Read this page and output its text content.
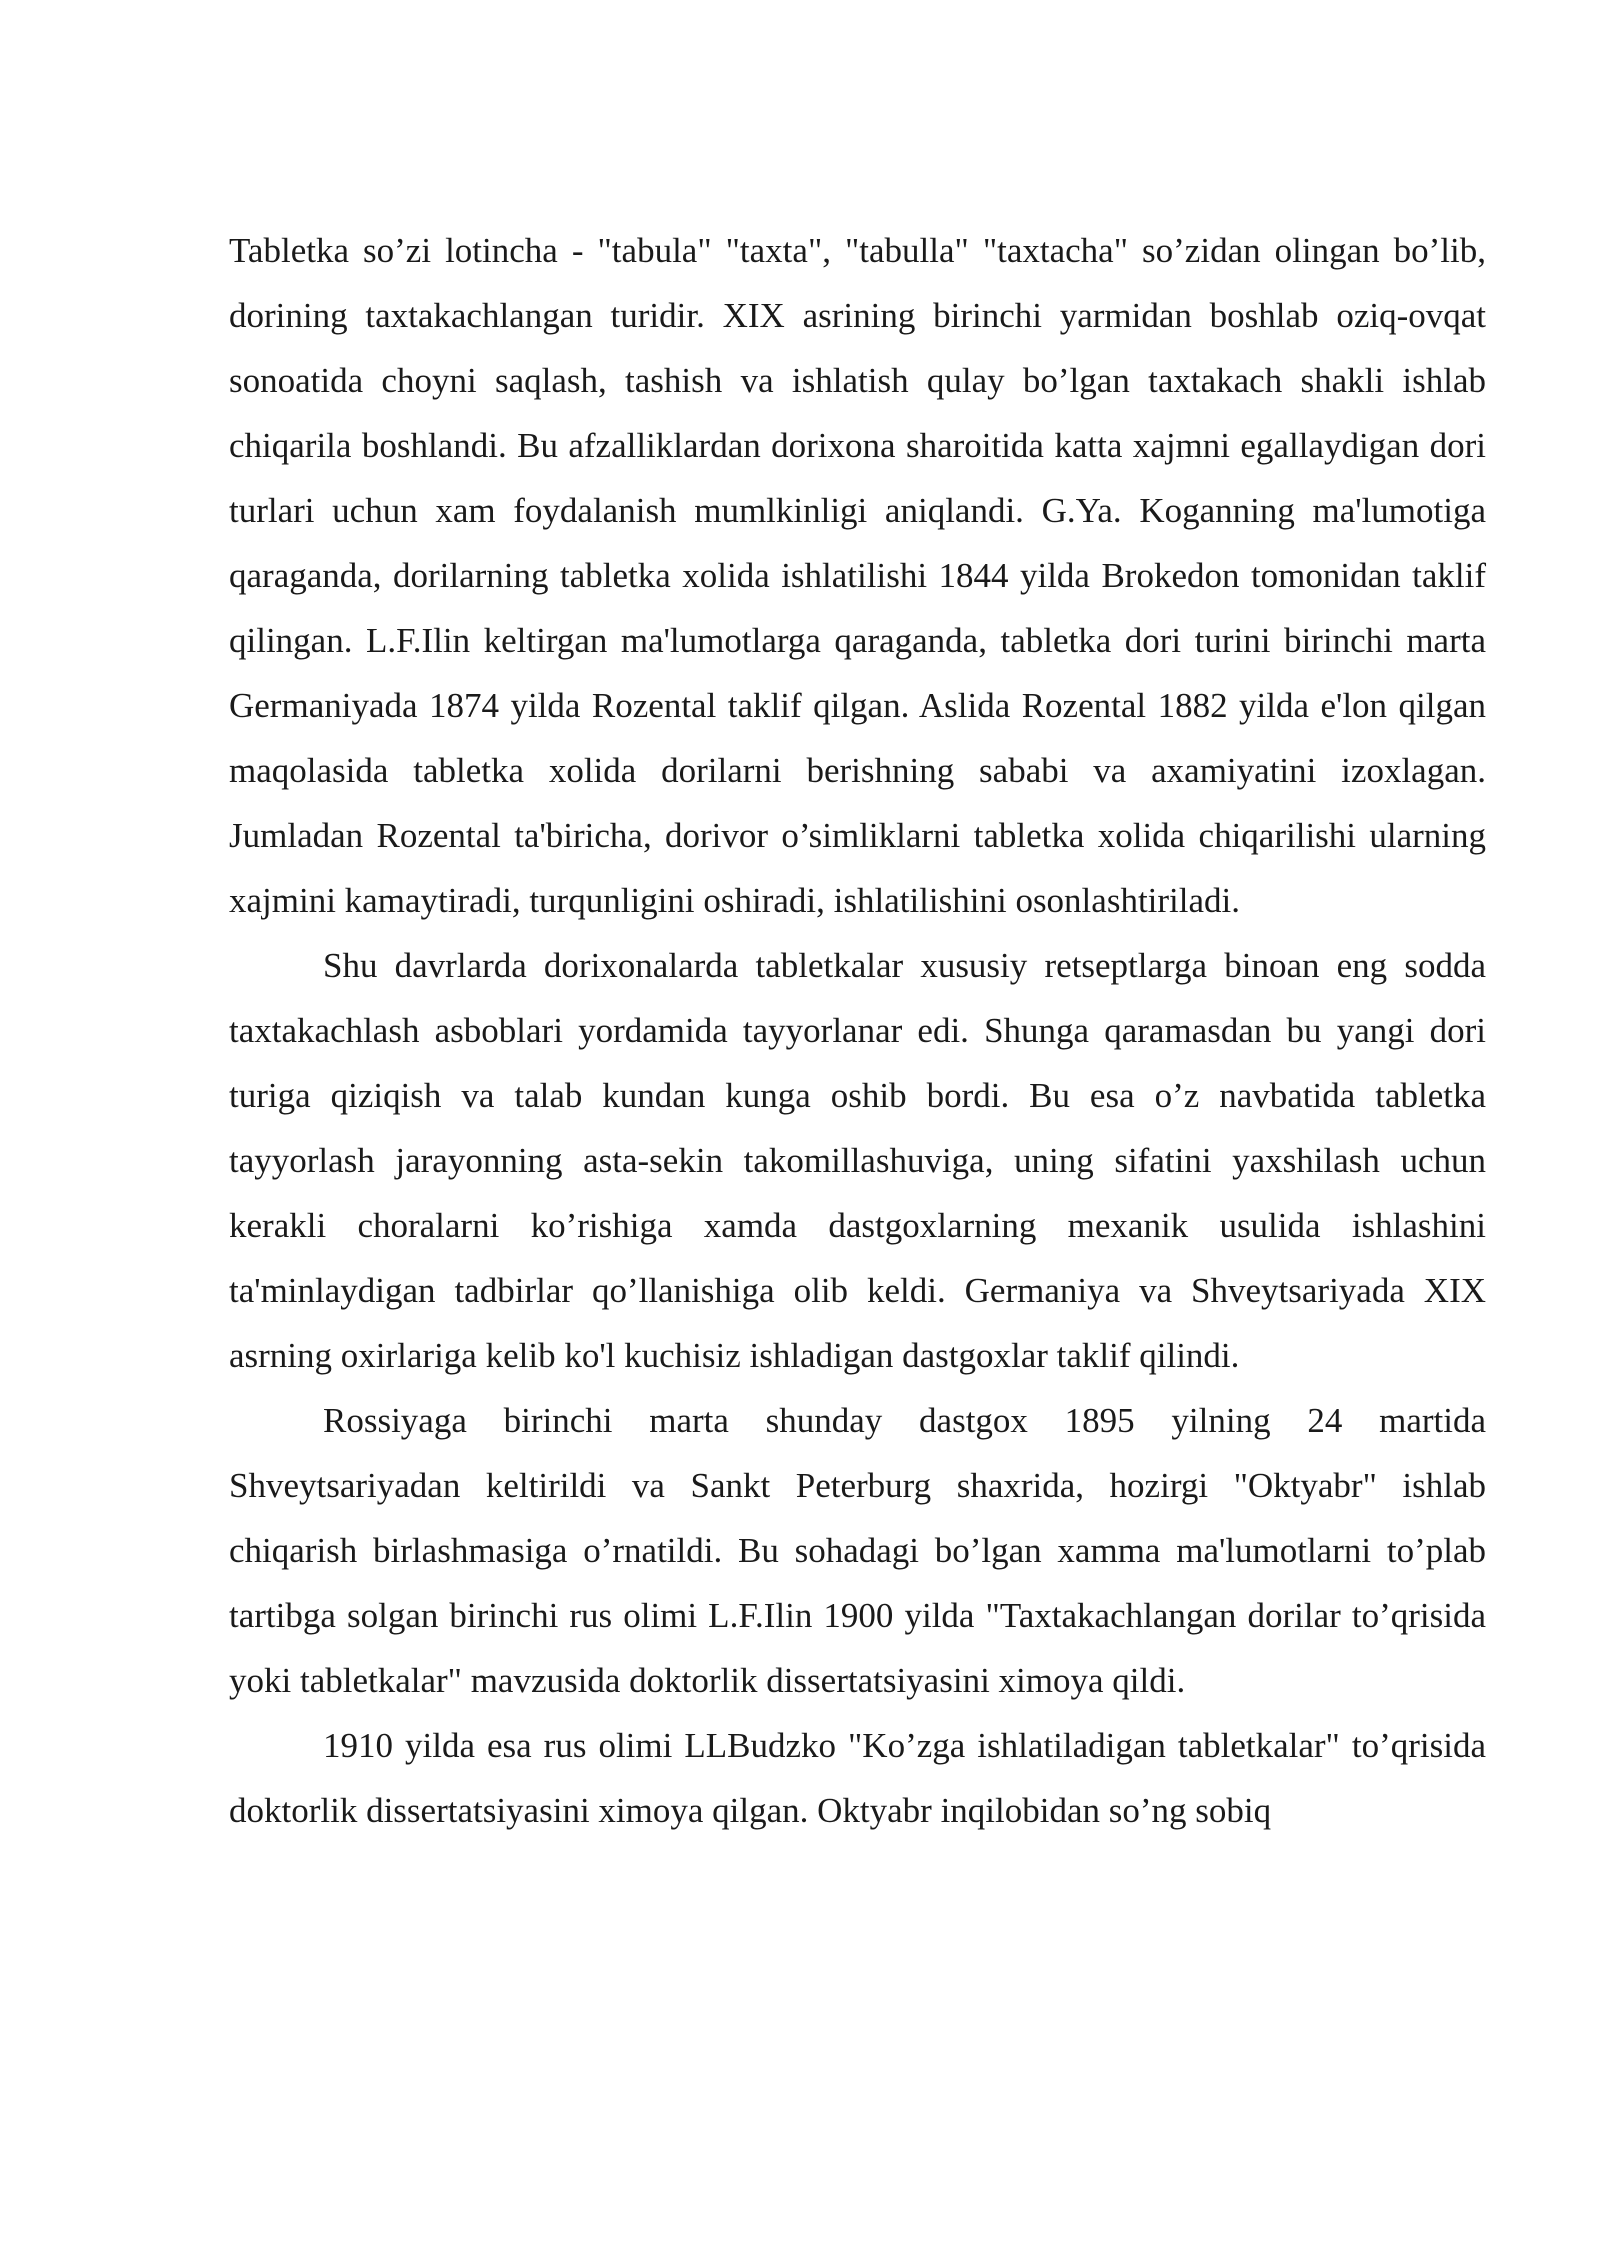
Tabletka so’zi lotincha - "tabula" "taxta", "tabulla" "taxtacha" so’zidan olingan bo’lib, dorining taxtakachlangan turidir. XIX asrining birinchi yarmidan boshlab oziq-ovqat sonoatida choyni saqlash, tashish va ishlatish qulay bo’lgan taxtakach shakli ishlab chiqarila boshlandi. Bu afzalliklardan dorixona sharoitida katta xajmni egallaydigan dori turlari uchun xam foydalanish mumlkinligi aniqlandi. G.Ya. Koganning ma'lumotiga qaraganda, dorilarning tabletka xolida ishlatilishi 1844 yilda Brokedon tomonidan taklif qilingan. L.F.Ilin keltirgan ma'lumotlarga qaraganda, tabletka dori turini birinchi marta Germaniyada 1874 yilda Rozental taklif qilgan. Aslida Rozental 1882 yilda e'lon qilgan maqolasida tabletka xolida dorilarni berishning sababi va axamiyatini izoxlagan. Jumladan Rozental ta'biricha, dorivor o’simliklarni tabletka xolida chiqarilishi ularning xajmini kamaytiradi, turqunligini oshiradi, ishlatilishini osonlashtiriladi.

Shu davrlarda dorixonalarda tabletkalar xususiy retseptlarga binoan eng sodda taxtakachlash asboblari yordamida tayyorlanar edi. Shunga qaramasdan bu yangi dori turiga qiziqish va talab kundan kunga oshib bordi. Bu esa o’z navbatida tabletka tayyorlash jarayonning asta-sekin takomillashuviga, uning sifatini yaxshilash uchun kerakli choralarni ko’rishiga xamda dastgoxlarning mexanik usulida ishlashini ta'minlaydigan tadbirlar qo’llanishiga olib keldi. Germaniya va Shveytsariyada XIX asrning oxirlariga kelib ko'l kuchisiz ishladigan dastgoxlar taklif qilindi.

Rossiyaga birinchi marta shunday dastgox 1895 yilning 24 martida Shveytsariyadan keltirildi va Sankt Peterburg shaxrida, hozirgi "Oktyabr" ishlab chiqarish birlashmasiga o’rnatildi. Bu sohadagi bo’lgan xamma ma'lumotlarni to’plab tartibga solgan birinchi rus olimi L.F.Ilin 1900 yilda "Taxtakachlangan dorilar to’qrisida yoki tabletkalar" mavzusida doktorlik dissertatsiyasini ximoya qildi.

1910 yilda esa rus olimi LLBudzko "Ko’zga ishlatiladigan tabletkalar" to’qrisida doktorlik dissertatsiyasini ximoya qilgan. Oktyabr inqilobidan so’ng sobiq
